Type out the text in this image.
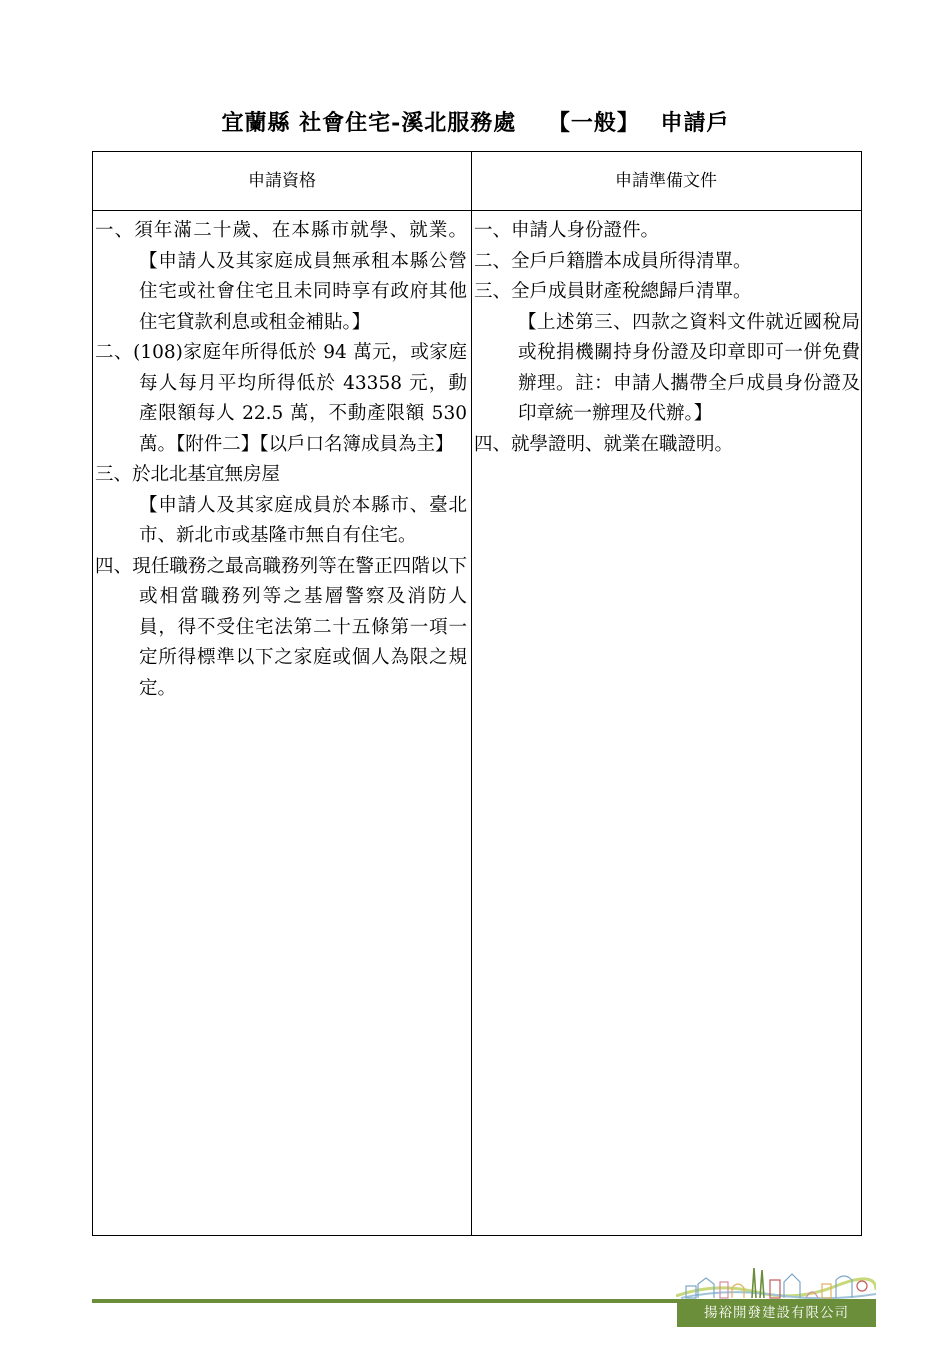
宜蘭縣 社會住宅-溪北服務處　 【一般】　 申請戶
申請資格	申請準備文件

一、須年滿二十歲、在本縣市就學、就業。【申請人及其家庭成員無承租本縣公營住宅或社會住宅且未同時享有政府其他住宅貸款利息或租金補貼。】

二、(108)家庭年所得低於 94 萬元，或家庭每人每月平均所得低於 43358 元，動產限額每人 22.5 萬，不動產限額 530 萬。【附件二】【以戶口名簿成員為主】

三、於北北基宜無房屋

【申請人及其家庭成員於本縣市、臺北市、新北市或基隆市無自有住宅。

四、現任職務之最高職務列等在警正四階以下或相當職務列等之基層警察及消防人員，得不受住宅法第二十五條第一項一定所得標準以下之家庭或個人為限之規定。

一、申請人身份證件。

二、全戶戶籍謄本成員所得清單。

三、全戶成員財產稅總歸戶清單。

【上述第三、四款之資料文件就近國稅局或稅捐機關持身份證及印章即可一併免費辦理。註：申請人攜帶全戶成員身份證及印章統一辦理及代辦。】

四、就學證明、就業在職證明。

揚裕開發建設有限公司
